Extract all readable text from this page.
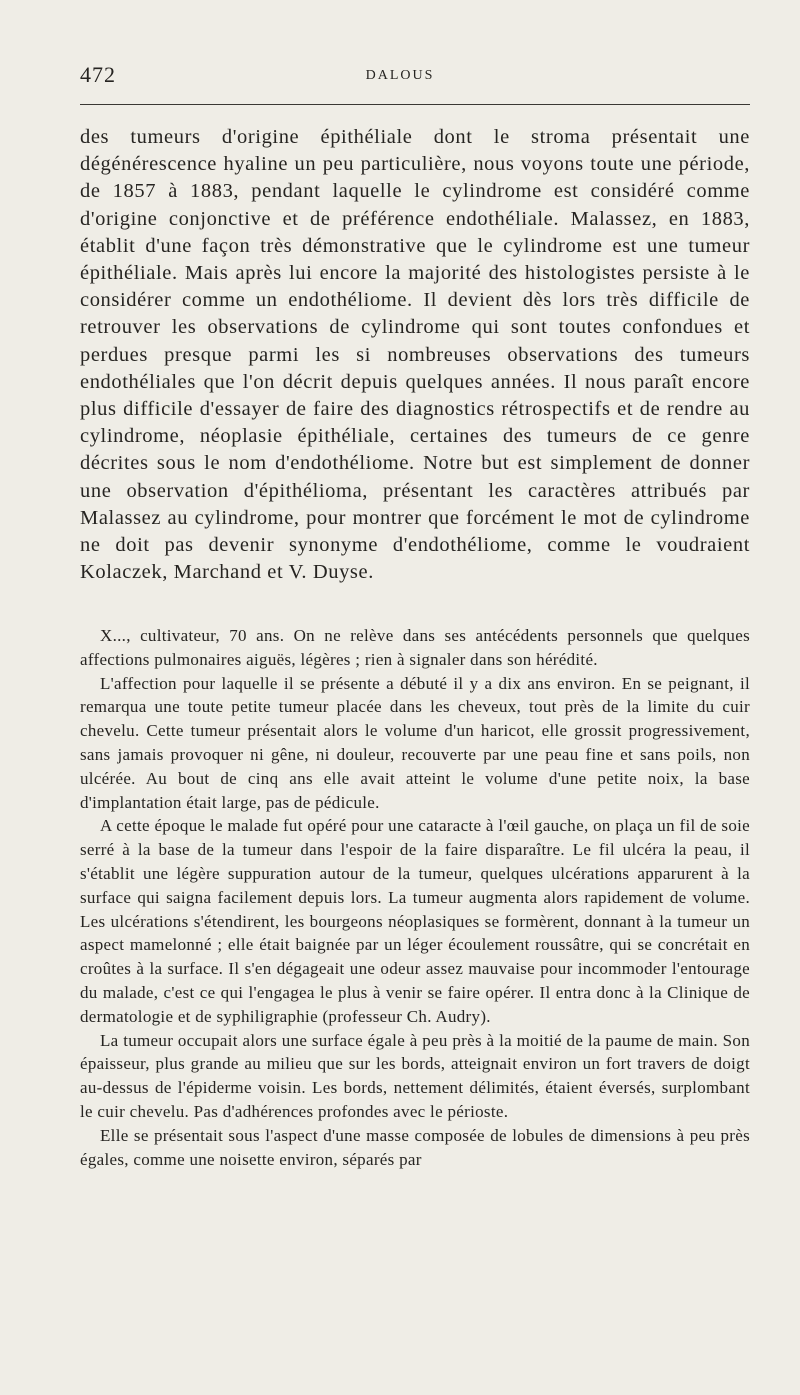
472	DALOUS

des tumeurs d'origine épithéliale dont le stroma présentait une dégénérescence hyaline un peu particulière, nous voyons toute une période, de 1857 à 1883, pendant laquelle le cylindrome est considéré comme d'origine conjonctive et de préférence endothéliale. Malassez, en 1883, établit d'une façon très démonstrative que le cylindrome est une tumeur épithéliale. Mais après lui encore la majorité des histologistes persiste à le considérer comme un endothéliome. Il devient dès lors très difficile de retrouver les observations de cylindrome qui sont toutes confondues et perdues presque parmi les si nombreuses observations des tumeurs endothéliales que l'on décrit depuis quelques années. Il nous paraît encore plus difficile d'essayer de faire des diagnostics rétrospectifs et de rendre au cylindrome, néoplasie épithéliale, certaines des tumeurs de ce genre décrites sous le nom d'endothéliome. Notre but est simplement de donner une observation d'épithélioma, présentant les caractères attribués par Malassez au cylindrome, pour montrer que forcément le mot de cylindrome ne doit pas devenir synonyme d'endothéliome, comme le voudraient Kolaczek, Marchand et V. Duyse.

X..., cultivateur, 70 ans. On ne relève dans ses antécédents personnels que quelques affections pulmonaires aiguës, légères ; rien à signaler dans son hérédité.

L'affection pour laquelle il se présente a débuté il y a dix ans environ. En se peignant, il remarqua une toute petite tumeur placée dans les cheveux, tout près de la limite du cuir chevelu. Cette tumeur présentait alors le volume d'un haricot, elle grossit progressivement, sans jamais provoquer ni gêne, ni douleur, recouverte par une peau fine et sans poils, non ulcérée. Au bout de cinq ans elle avait atteint le volume d'une petite noix, la base d'implantation était large, pas de pédicule.

A cette époque le malade fut opéré pour une cataracte à l'œil gauche, on plaça un fil de soie serré à la base de la tumeur dans l'espoir de la faire disparaître. Le fil ulcéra la peau, il s'établit une légère suppuration autour de la tumeur, quelques ulcérations apparurent à la surface qui saigna facilement depuis lors. La tumeur augmenta alors rapidement de volume. Les ulcérations s'étendirent, les bourgeons néoplasiques se formèrent, donnant à la tumeur un aspect mamelonné ; elle était baignée par un léger écoulement roussâtre, qui se concrétait en croûtes à la surface. Il s'en dégageait une odeur assez mauvaise pour incommoder l'entourage du malade, c'est ce qui l'engagea le plus à venir se faire opérer. Il entra donc à la Clinique de dermatologie et de syphiligraphie (professeur Ch. Audry).

La tumeur occupait alors une surface égale à peu près à la moitié de la paume de main. Son épaisseur, plus grande au milieu que sur les bords, atteignait environ un fort travers de doigt au-dessus de l'épiderme voisin. Les bords, nettement délimités, étaient éversés, surplombant le cuir chevelu. Pas d'adhérences profondes avec le périoste.

Elle se présentait sous l'aspect d'une masse composée de lobules de dimensions à peu près égales, comme une noisette environ, séparés par
